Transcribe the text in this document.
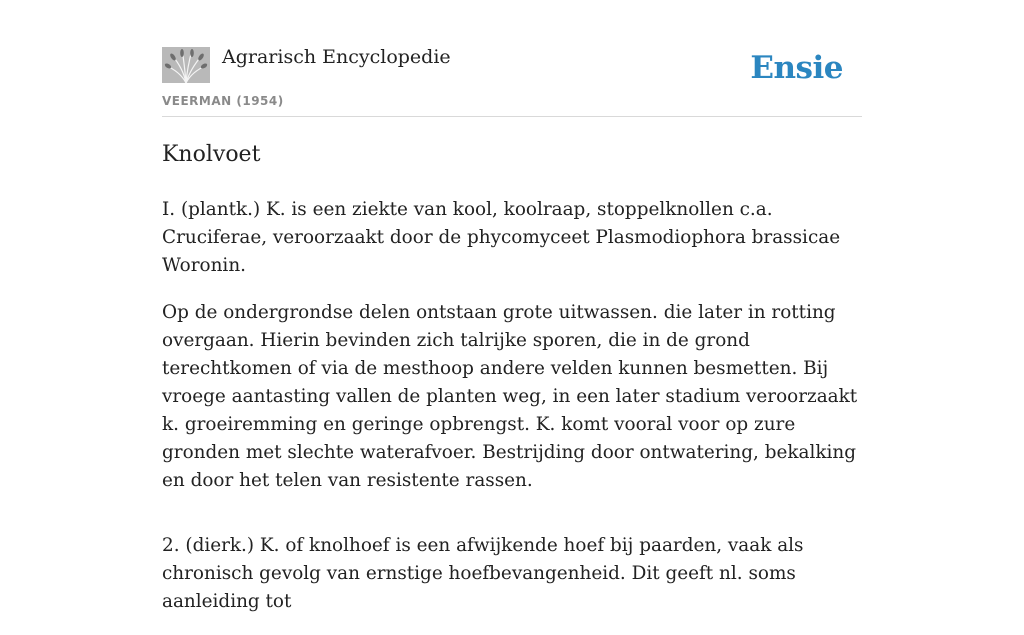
Agrarisch Encyclopedie
VEERMAN (1954)
Ensie
Knolvoet

I. (plantk.) K. is een ziekte van kool, koolraap, stoppelknollen c.a. Cruciferae, veroorzaakt door de phycomyceet Plasmodiophora brassicae Woronin.

Op de ondergrondse delen ontstaan grote uitwassen. die later in rotting overgaan. Hierin bevinden zich talrijke sporen, die in de grond terechtkomen of via de mesthoop andere velden kunnen besmetten. Bij vroege aantasting vallen de planten weg, in een later stadium veroorzaakt k. groeiremming en geringe opbrengst. K. komt vooral voor op zure gronden met slechte waterafvoer. Bestrijding door ontwatering, bekalking en door het telen van resistente rassen.

2. (dierk.) K. of knolhoef is een afwijkende hoef bij paarden, vaak als chronisch gevolg van ernstige hoefbevangenheid. Dit geeft nl. soms aanleiding tot
